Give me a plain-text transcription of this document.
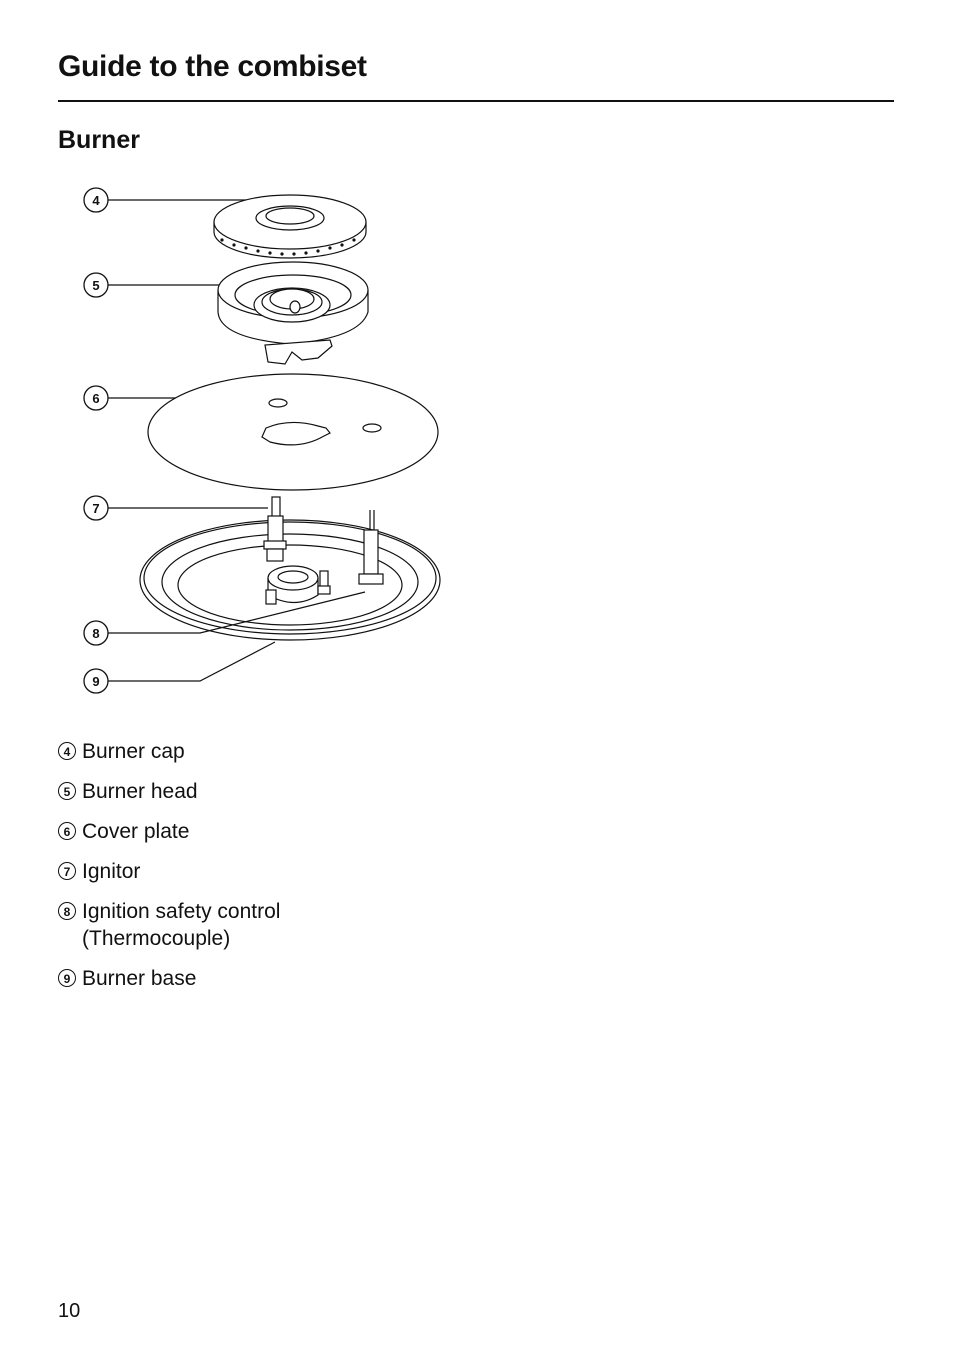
Guide to the combiset
Burner
4
5
6
7
8
9
4 Burner cap
5 Burner head
6 Cover plate
7 Ignitor
8 Ignition safety control (Thermocouple)
9 Burner base
10
